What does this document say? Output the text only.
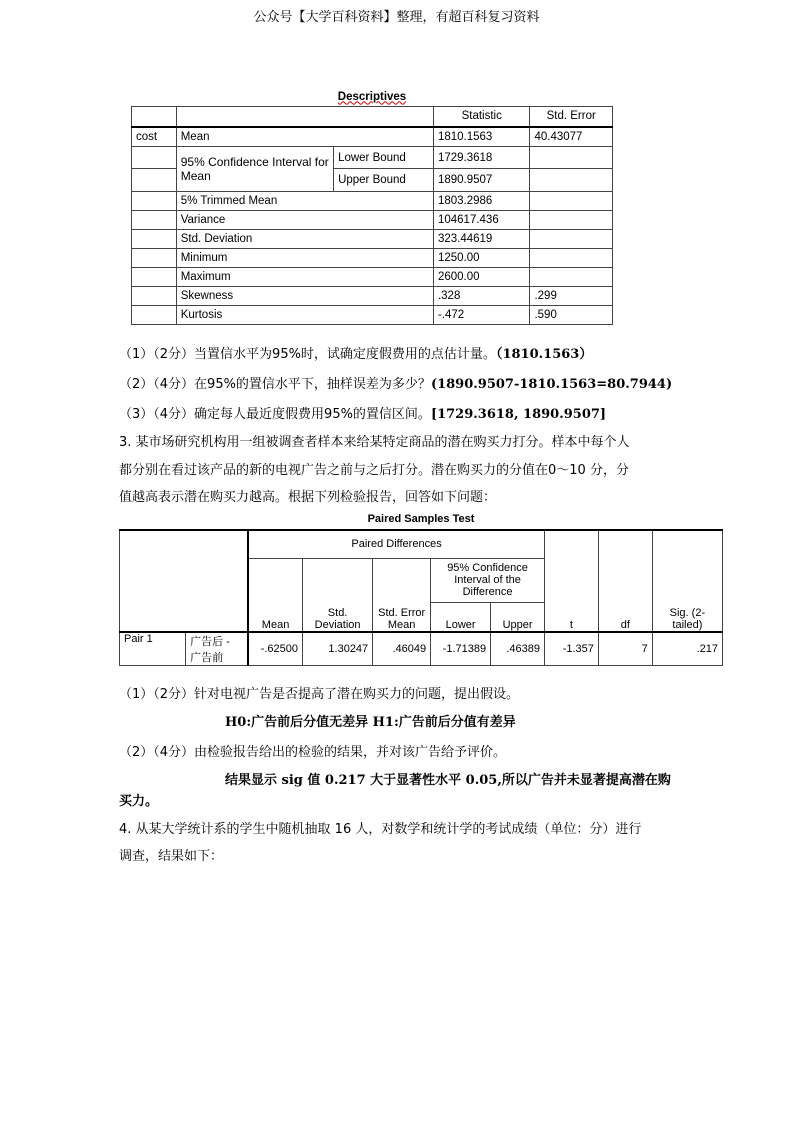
公众号【大学百科资料】整理，有超百科复习资料
Descriptives				
			Statistic	Std. Error
cost	Mean		1810.1563	40.43077
	95% Confidence Interval for Mean	Lower Bound	1729.3618	
		Upper Bound	1890.9507	
	5% Trimmed Mean		1803.2986	
	Variance		104617.436	
	Std. Deviation		323.44619	
	Minimum		1250.00	
	Maximum		2600.00	
	Skewness		.328	.299
	Kurtosis		-.472	.590
（1）（2分）当置信水平为95%时，试确定度假费用的点估计量。（1810.1563）
（2）（4分）在95%的置信水平下，抽样误差为多少？(1890.9507-1810.1563=80.7944)
（3）（4分）确定每人最近度假费用95%的置信区间。[1729.3618, 1890.9507]
3. 某市场研究机构用一组被调查者样本来给某特定商品的潜在购买力打分。样本中每个人
都分别在看过该产品的新的电视广告之前与之后打分。潜在购买力的分值在0～10 分，分
值越高表示潜在购买力越高。根据下列检验报告，回答如下问题：
Paired Samples Test									
		Paired Differences					t	df	Sig. (2-tailed)
		Mean	Std. Deviation	Std. Error Mean	95% Confidence Interval of the Difference				
					Lower	Upper			
Pair 1	广告后 - 广告前	-.62500	1.30247	.46049	-1.71389	.46389	-1.357	7	.217
（1）（2分）针对电视广告是否提高了潜在购买力的问题，提出假设。
H0:广告前后分值无差异 H1:广告前后分值有差异
（2）（4分）由检验报告给出的检验的结果，并对该广告给予评价。
结果显示 sig 值 0.217 大于显著性水平 0.05,所以广告并未显著提高潜在购
买力。
4. 从某大学统计系的学生中随机抽取 16 人，对数学和统计学的考试成绩（单位：分）进行
调查，结果如下：
